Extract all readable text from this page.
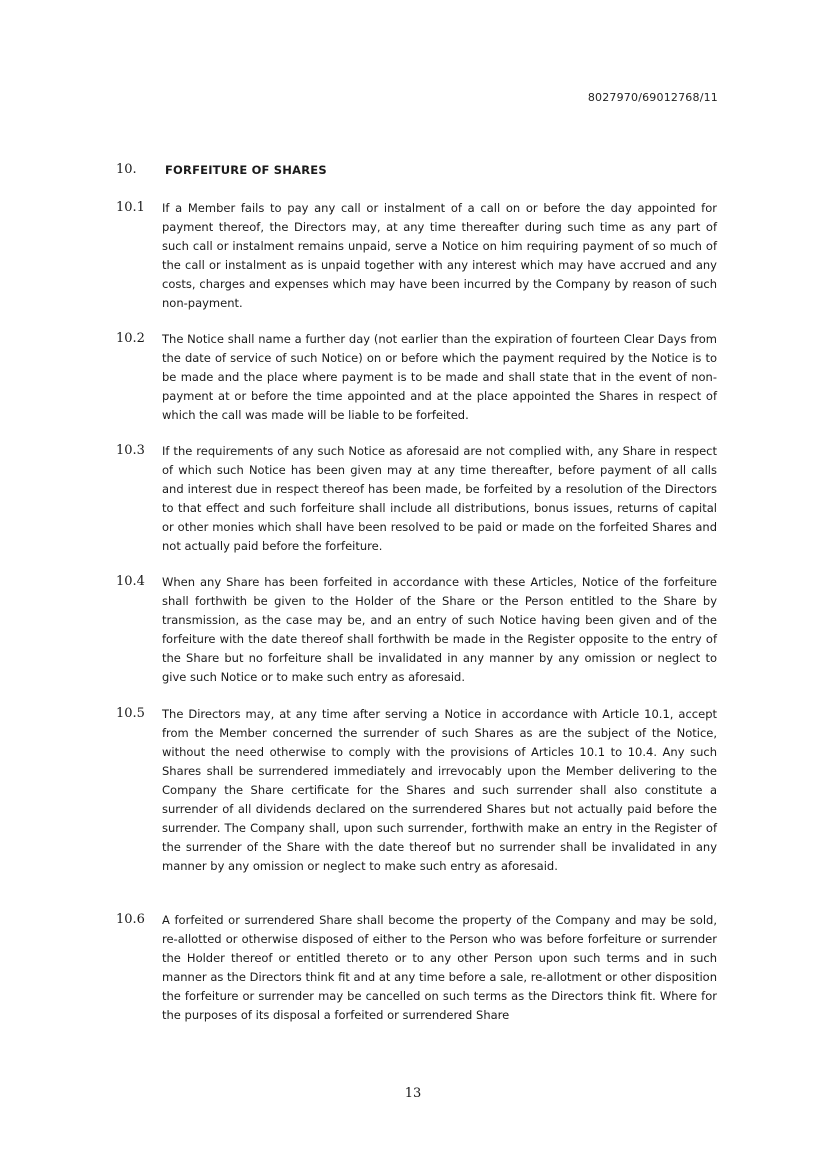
8027970/69012768/11
10. FORFEITURE OF SHARES
10.1 If a Member fails to pay any call or instalment of a call on or before the day appointed for payment thereof, the Directors may, at any time thereafter during such time as any part of such call or instalment remains unpaid, serve a Notice on him requiring payment of so much of the call or instalment as is unpaid together with any interest which may have accrued and any costs, charges and expenses which may have been incurred by the Company by reason of such non-payment.
10.2 The Notice shall name a further day (not earlier than the expiration of fourteen Clear Days from the date of service of such Notice) on or before which the payment required by the Notice is to be made and the place where payment is to be made and shall state that in the event of non-payment at or before the time appointed and at the place appointed the Shares in respect of which the call was made will be liable to be forfeited.
10.3 If the requirements of any such Notice as aforesaid are not complied with, any Share in respect of which such Notice has been given may at any time thereafter, before payment of all calls and interest due in respect thereof has been made, be forfeited by a resolution of the Directors to that effect and such forfeiture shall include all distributions, bonus issues, returns of capital or other monies which shall have been resolved to be paid or made on the forfeited Shares and not actually paid before the forfeiture.
10.4 When any Share has been forfeited in accordance with these Articles, Notice of the forfeiture shall forthwith be given to the Holder of the Share or the Person entitled to the Share by transmission, as the case may be, and an entry of such Notice having been given and of the forfeiture with the date thereof shall forthwith be made in the Register opposite to the entry of the Share but no forfeiture shall be invalidated in any manner by any omission or neglect to give such Notice or to make such entry as aforesaid.
10.5 The Directors may, at any time after serving a Notice in accordance with Article 10.1, accept from the Member concerned the surrender of such Shares as are the subject of the Notice, without the need otherwise to comply with the provisions of Articles 10.1 to 10.4. Any such Shares shall be surrendered immediately and irrevocably upon the Member delivering to the Company the Share certificate for the Shares and such surrender shall also constitute a surrender of all dividends declared on the surrendered Shares but not actually paid before the surrender. The Company shall, upon such surrender, forthwith make an entry in the Register of the surrender of the Share with the date thereof but no surrender shall be invalidated in any manner by any omission or neglect to make such entry as aforesaid.
10.6 A forfeited or surrendered Share shall become the property of the Company and may be sold, re-allotted or otherwise disposed of either to the Person who was before forfeiture or surrender the Holder thereof or entitled thereto or to any other Person upon such terms and in such manner as the Directors think fit and at any time before a sale, re-allotment or other disposition the forfeiture or surrender may be cancelled on such terms as the Directors think fit. Where for the purposes of its disposal a forfeited or surrendered Share
13
